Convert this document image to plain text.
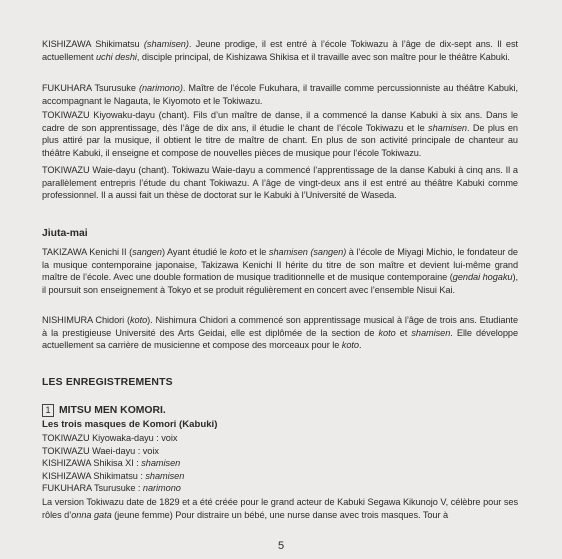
KISHIZAWA Shikimatsu (shamisen). Jeune prodige, il est entré à l’école Tokiwazu à l’âge de dix-sept ans. Il est actuellement uchi deshi, disciple principal, de Kishizawa Shikisa et il travaille avec son maître pour le théâtre Kabuki.

FUKUHARA Tsurusuke (narimono). Maître de l’école Fukuhara, il travaille comme percussionniste au théâtre Kabuki, accompagnant le Nagauta, le Kiyomoto et le Tokiwazu.

TOKIWAZU Kiyowaku-dayu (chant). Fils d’un maître de danse, il a commencé la danse Kabuki à six ans. Dans le cadre de son apprentissage, dès l’âge de dix ans, il étudie le chant de l’école Tokiwazu et le shamisen. De plus en plus attiré par la musique, il obtient le titre de maître de chant. En plus de son activité principale de chanteur au théâtre Kabuki, il enseigne et compose de nouvelles pièces de musique pour l’école Tokiwazu.

TOKIWAZU Waie-dayu (chant). Tokiwazu Waie-dayu a commencé l’apprentissage de la danse Kabuki à cinq ans. Il a parallèlement entrepris l’étude du chant Tokiwazu. A l’âge de vingt-deux ans il est entré au théâtre Kabuki comme professionnel. Il a aussi fait un thèse de doctorat sur le Kabuki à l’Université de Waseda.

Jiuta-mai

TAKIZAWA Kenichi II (sangen) Ayant étudié le koto et le shamisen (sangen) à l’école de Miyagi Michio, le fondateur de la musique contemporaine japonaise, Takizawa Kenichi II hérite du titre de son maître et devient lui-même grand maître de l’école. Avec une double formation de musique traditionnelle et de musique contemporaine (gendai hogaku), il poursuit son enseignement à Tokyo et se produit régulièrement en concert avec l’ensemble Nisui Kai.

NISHIMURA Chidori (koto). Nishimura Chidori a commencé son apprentissage musical à l’âge de trois ans. Etudiante à la prestigieuse Université des Arts Geidai, elle est diplômée de la section de koto et shamisen. Elle développe actuellement sa carrière de musicienne et compose des morceaux pour le koto.

LES ENREGISTREMENTS
1 MITSU MEN KOMORI.
Les trois masques de Komori (Kabuki)

TOKIWAZU Kiyowaka-dayu : voix

TOKIWAZU Waei-dayu : voix

KISHIZAWA Shikisa XI : shamisen

KISHIZAWA Shikimatsu : shamisen

FUKUHARA Tsurusuke : narimono

La version Tokiwazu date de 1829 et a été créée pour le grand acteur de Kabuki Segawa Kikunojo V, célèbre pour ses rôles d’onna gata (jeune femme) Pour distraire un bébé, une nurse danse avec trois masques. Tour à

5
